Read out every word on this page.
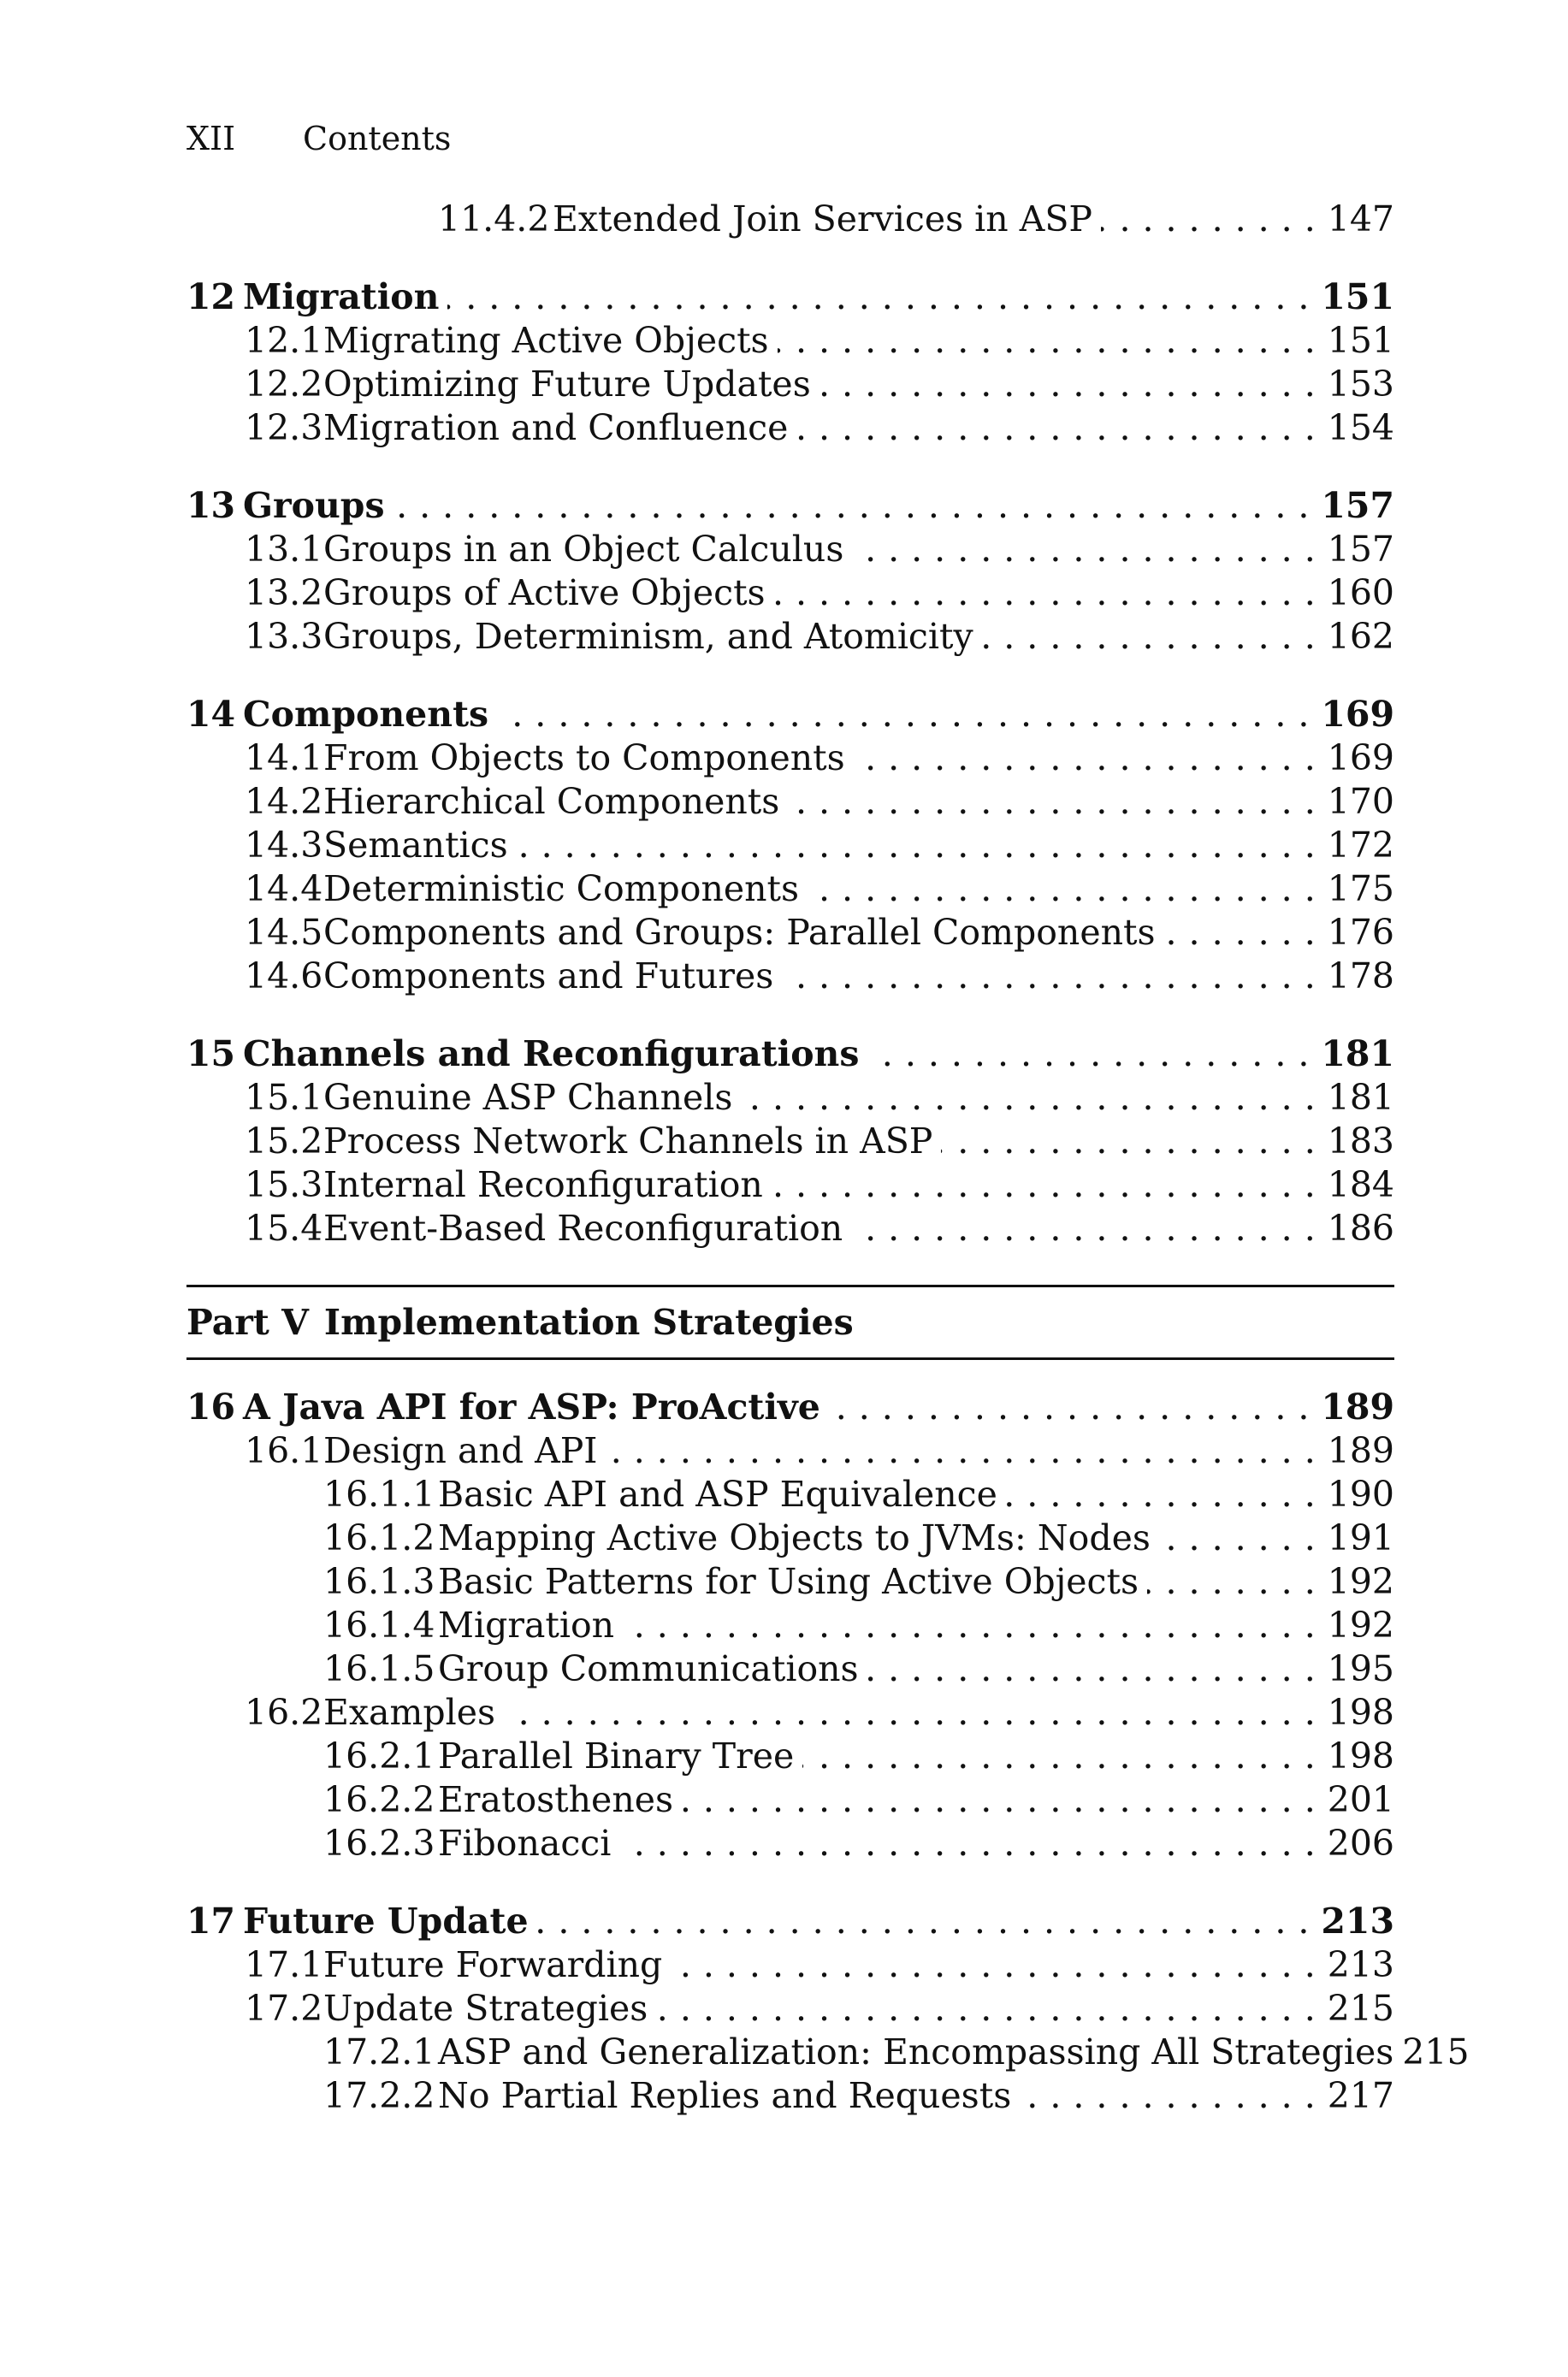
XII Contents
11.4.2 Extended Join Services in ASP .....	147
12 Migration .....	151
12.1 Migrating Active Objects .....	151
12.2 Optimizing Future Updates .....	153
12.3 Migration and Confluence .....	154
13 Groups .....	157
13.1 Groups in an Object Calculus .....	157
13.2 Groups of Active Objects .....	160
13.3 Groups, Determinism, and Atomicity .....	162
14 Components .....	169
14.1 From Objects to Components .....	169
14.2 Hierarchical Components .....	170
14.3 Semantics .....	172
14.4 Deterministic Components .....	175
14.5 Components and Groups: Parallel Components .....	176
14.6 Components and Futures .....	178
15 Channels and Reconfigurations .....	181
15.1 Genuine ASP Channels .....	181
15.2 Process Network Channels in ASP .....	183
15.3 Internal Reconfiguration .....	184
15.4 Event-Based Reconfiguration .....	186
Part V Implementation Strategies
16 A Java API for ASP: ProActive .....	189
16.1 Design and API .....	189
16.1.1 Basic API and ASP Equivalence .....	190
16.1.2 Mapping Active Objects to JVMs: Nodes .....	191
16.1.3 Basic Patterns for Using Active Objects .....	192
16.1.4 Migration .....	192
16.1.5 Group Communications .....	195
16.2 Examples .....	198
16.2.1 Parallel Binary Tree .....	198
16.2.2 Eratosthenes .....	201
16.2.3 Fibonacci .....	206
17 Future Update .....	213
17.1 Future Forwarding .....	213
17.2 Update Strategies .....	215
17.2.1 ASP and Generalization: Encompassing All Strategies 215
17.2.2 No Partial Replies and Requests .....	217
